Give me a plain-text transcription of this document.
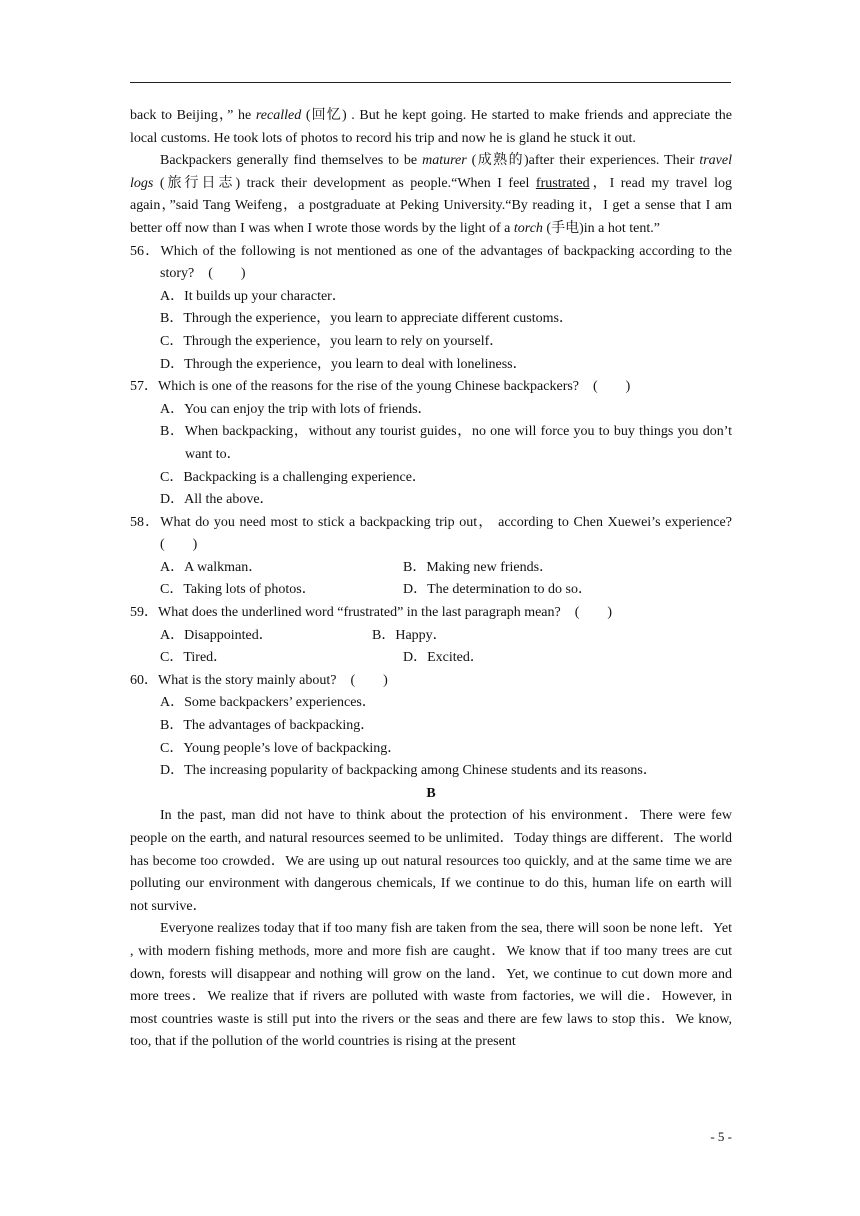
back to Beijing，” he recalled (回忆) . But he kept going. He started to make friends and appreciate the local customs. He took lots of photos to record his trip and now he is gland he stuck it out.

Backpackers generally find themselves to be maturer (成熟的)after their experiences. Their travel logs (旅行日志) track their development as people.“When I feel frustrated，I read my travel log again，”said Tang Weifeng，a postgraduate at Peking University.“By reading it，I get a sense that I am better off now than I was when I wrote those words by the light of a torch (手电)in a hot tent.”

56．Which of the following is not mentioned as one of the advantages of backpacking according to the story?　(　　)

A．It builds up your character．

B．Through the experience，you learn to appreciate different customs．

C．Through the experience，you learn to rely on yourself．

D．Through the experience，you learn to deal with loneliness．

57．Which is one of the reasons for the rise of the young Chinese backpackers?　(　　)

A．You can enjoy the trip with lots of friends．

B．When backpacking，without any tourist guides，no one will force you to buy things you don’t want to．

C．Backpacking is a challenging experience．

D．All the above．

58．What do you need most to stick a backpacking trip out， according to Chen Xuewei’s experience?　(　　)

A．A walkman．	B．Making new friends．
C．Taking lots of photos．	D．The determination to do so．

59．What does the underlined word “frustrated” in the last paragraph mean?　(　　)

A．Disappointed．	B．Happy．
C．Tired．	D．Excited．

60．What is the story mainly about?　(　　)

A．Some backpackers’ experiences．

B．The advantages of backpacking．

C．Young people’s love of backpacking．

D．The increasing popularity of backpacking among Chinese students and its reasons．

B

In the past, man did not have to think about the protection of his environment．There were few people on the earth, and natural resources seemed to be unlimited．Today things are different．The world has become too crowded．We are using up out natural resources too quickly, and at the same time we are polluting our environment with dangerous chemicals, If we continue to do this, human life on earth will not survive．

Everyone realizes today that if too many fish are taken from the sea, there will soon be none left．Yet , with modern fishing methods, more and more fish are caught．We know that if too many trees are cut down, forests will disappear and nothing will grow on the land．Yet, we continue to cut down more and more trees．We realize that if rivers are polluted with waste from factories, we will die．However, in most countries waste is still put into the rivers or the seas and there are few laws to stop this．We know, too, that if the pollution of the world countries is rising at the present

- 5 -
